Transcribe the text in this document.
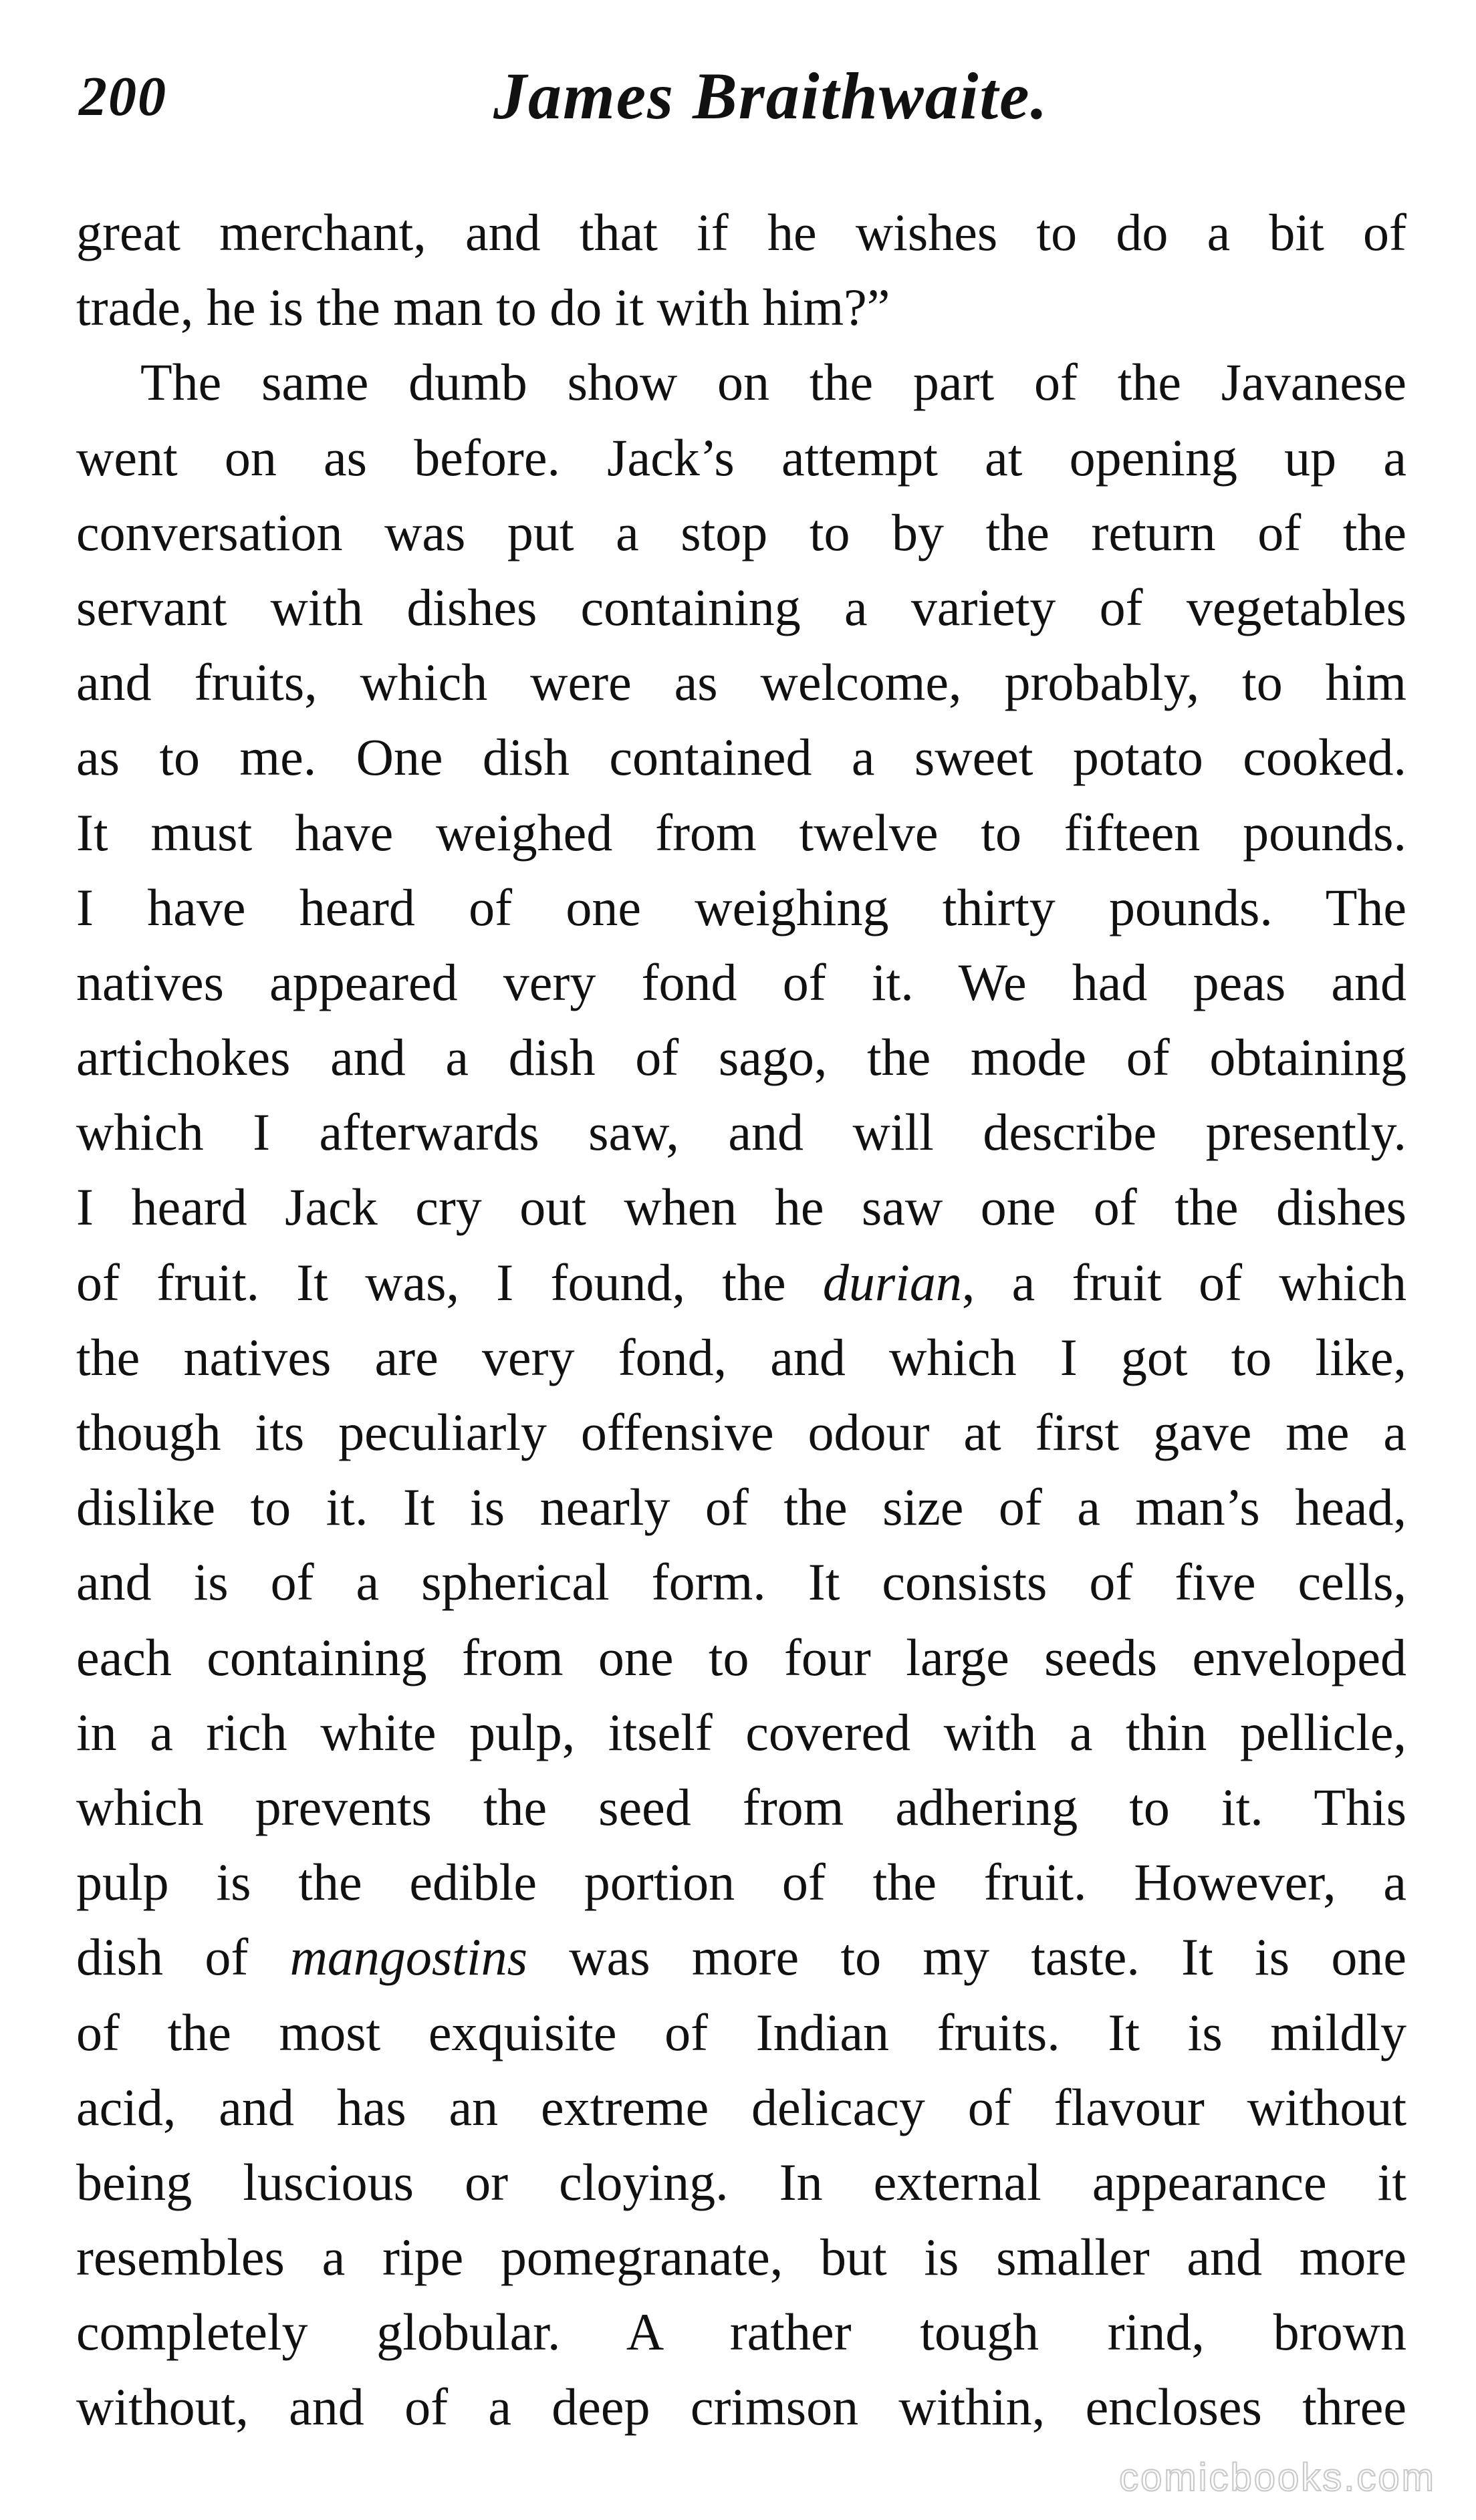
200	James Braithwaite.
great merchant, and that if he wishes to do a bit of
trade, he is the man to do it with him?”
The same dumb show on the part of the Javanese
went on as before. Jack’s attempt at opening up a
conversation was put a stop to by the return of the
servant with dishes containing a variety of vegetables
and fruits, which were as welcome, probably, to him
as to me. One dish contained a sweet potato cooked.
It must have weighed from twelve to fifteen pounds.
I have heard of one weighing thirty pounds. The
natives appeared very fond of it. We had peas and
artichokes and a dish of sago, the mode of obtaining
which I afterwards saw, and will describe presently.
I heard Jack cry out when he saw one of the dishes
of fruit. It was, I found, the durian, a fruit of which
the natives are very fond, and which I got to like,
though its peculiarly offensive odour at first gave me a
dislike to it. It is nearly of the size of a man’s head,
and is of a spherical form. It consists of five cells,
each containing from one to four large seeds enveloped
in a rich white pulp, itself covered with a thin pellicle,
which prevents the seed from adhering to it. This
pulp is the edible portion of the fruit. However, a
dish of mangostins was more to my taste. It is one
of the most exquisite of Indian fruits. It is mildly
acid, and has an extreme delicacy of flavour without
being luscious or cloying. In external appearance it
resembles a ripe pomegranate, but is smaller and more
completely globular. A rather tough rind, brown
without, and of a deep crimson within, encloses three
comicbooks.com
